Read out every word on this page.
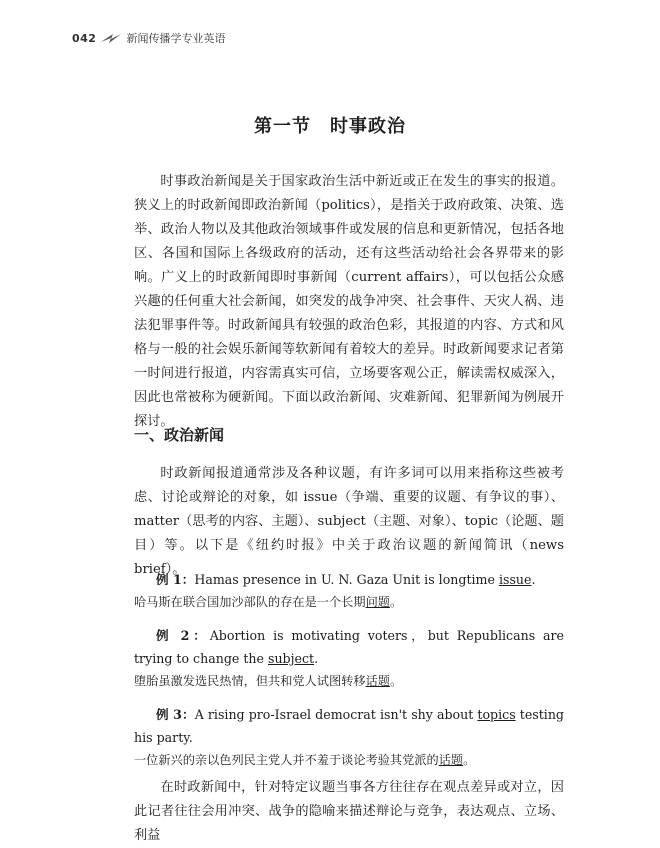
042	新闻传播学专业英语
第一节　时事政治

时事政治新闻是关于国家政治生活中新近或正在发生的事实的报道。狭义上的时政新闻即政治新闻（politics），是指关于政府政策、决策、选举、政治人物以及其他政治领域事件或发展的信息和更新情况，包括各地区、各国和国际上各级政府的活动，还有这些活动给社会各界带来的影响。广义上的时政新闻即时事新闻（current affairs），可以包括公众感兴趣的任何重大社会新闻，如突发的战争冲突、社会事件、天灾人祸、违法犯罪事件等。时政新闻具有较强的政治色彩，其报道的内容、方式和风格与一般的社会娱乐新闻等软新闻有着较大的差异。时政新闻要求记者第一时间进行报道，内容需真实可信，立场要客观公正，解读需权威深入，因此也常被称为硬新闻。下面以政治新闻、灾难新闻、犯罪新闻为例展开探讨。

一、政治新闻

时政新闻报道通常涉及各种议题，有许多词可以用来指称这些被考虑、讨论或辩论的对象，如 issue（争端、重要的议题、有争议的事）、matter（思考的内容、主题）、subject（主题、对象）、topic（论题、题目）等。以下是《纽约时报》中关于政治议题的新闻简讯（news brief）。

例 1：Hamas presence in U. N. Gaza Unit is longtime issue.
哈马斯在联合国加沙部队的存在是一个长期问题。
例 2：Abortion is motivating voters，but Republicans are trying to change the subject.
堕胎虽激发选民热情，但共和党人试图转移话题。
例 3：A rising pro-Israel democrat isn't shy about topics testing his party.
一位新兴的亲以色列民主党人并不羞于谈论考验其党派的话题。

在时政新闻中，针对特定议题当事各方往往存在观点差异或对立，因此记者往往会用冲突、战争的隐喻来描述辩论与竞争，表达观点、立场、利益
